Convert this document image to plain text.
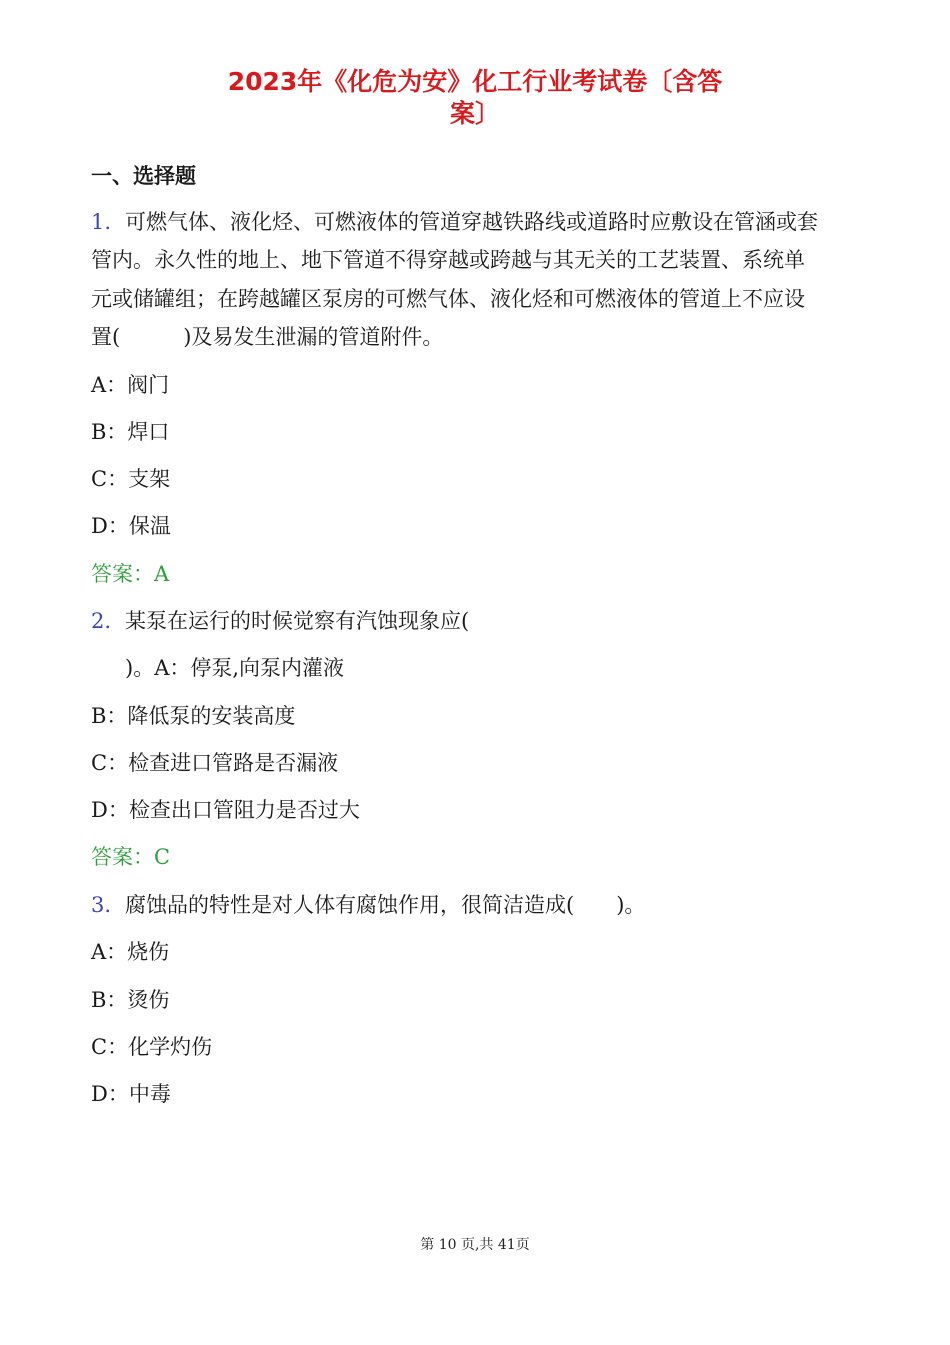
2023年《化危为安》化工行业考试卷〔含答
案〕
一、选择题
1. 可燃气体、液化烃、可燃液体的管道穿越铁路线或道路时应敷设在管涵或套
管内。永久性的地上、地下管道不得穿越或跨越与其无关的工艺装置、系统单
元或储罐组；在跨越罐区泵房的可燃气体、液化烃和可燃液体的管道上不应设
置(　　　)及易发生泄漏的管道附件。
A：阀门
B：焊口
C：支架
D：保温
答案：A
2. 某泵在运行的时候觉察有汽蚀现象应(
)。A：停泵,向泵内灌液
B：降低泵的安装高度
C：检查进口管路是否漏液
D：检查出口管阻力是否过大
答案：C
3. 腐蚀品的特性是对人体有腐蚀作用，很简洁造成(　　)。
A：烧伤
B：烫伤
C：化学灼伤
D：中毒
第 10 页,共 41页
